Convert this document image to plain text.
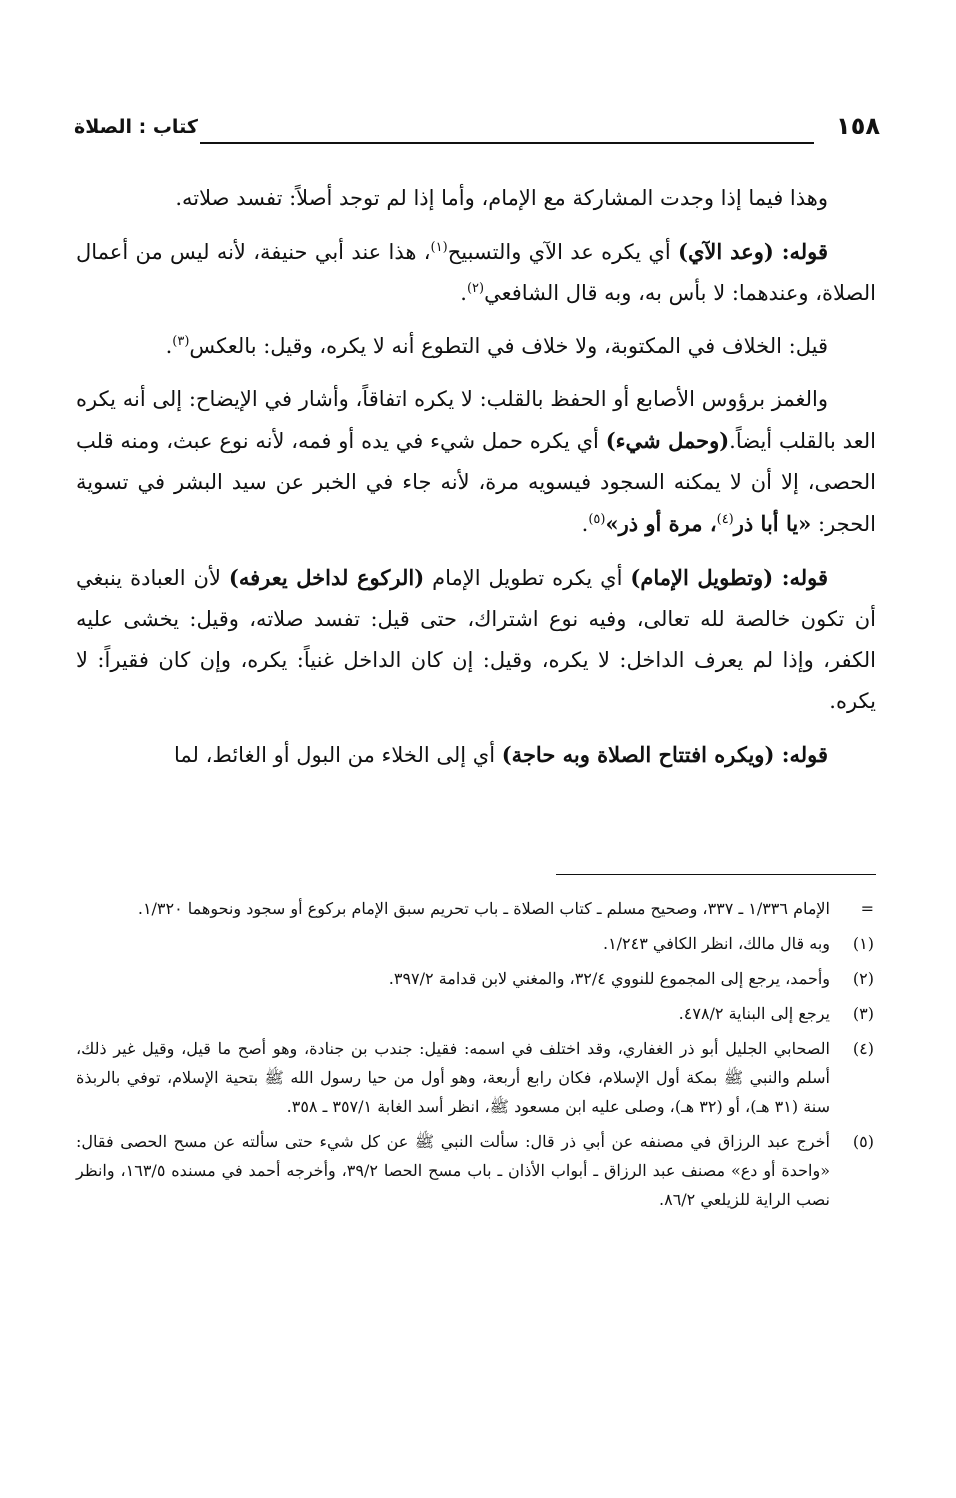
كتاب : الصلاة	١٥٨

وهذا فيما إذا وجدت المشاركة مع الإمام، وأما إذا لم توجد أصلاً: تفسد صلاته.

قوله: (وعد الآي) أي يكره عد الآي والتسبيح$^{(١)}$، هذا عند أبي حنيفة، لأنه ليس من أعمال الصلاة، وعندهما: لا بأس به، وبه قال الشافعي$^{(٢)}$.

قيل: الخلاف في المكتوبة، ولا خلاف في التطوع أنه لا يكره، وقيل: بالعكس$^{(٣)}$.

والغمز برؤوس الأصابع أو الحفظ بالقلب: لا يكره اتفاقاً، وأشار في الإيضاح: إلى أنه يكره العد بالقلب أيضاً.(وحمل شيء) أي يكره حمل شيء في يده أو فمه، لأنه نوع عبث، ومنه قلب الحصى، إلا أن لا يمكنه السجود فيسويه مرة، لأنه جاء في الخبر عن سيد البشر في تسوية الحجر: «يا أبا ذر$^{(٤)}$، مرة أو ذر»$^{(٥)}$.

قوله: (وتطويل الإمام) أي يكره تطويل الإمام (الركوع لداخل يعرفه) لأن العبادة ينبغي أن تكون خالصة لله تعالى، وفيه نوع اشتراك، حتى قيل: تفسد صلاته، وقيل: يخشى عليه الكفر، وإذا لم يعرف الداخل: لا يكره، وقيل: إن كان الداخل غنياً: يكره، وإن كان فقيراً: لا يكره.

قوله: (ويكره افتتاح الصلاة وبه حاجة) أي إلى الخلاء من البول أو الغائط، لما

=
الإمام ١/٣٣٦ ـ ٣٣٧، وصحيح مسلم ـ كتاب الصلاة ـ باب تحريم سبق الإمام بركوع أو سجود ونحوهما ١/٣٢٠.
(١)
وبه قال مالك، انظر الكافي ١/٢٤٣.
(٢)
وأحمد، يرجع إلى المجموع للنووي ٣٢/٤، والمغني لابن قدامة ٣٩٧/٢.
(٣)
يرجع إلى البناية ٤٧٨/٢.
(٤)
الصحابي الجليل أبو ذر الغفاري، وقد اختلف في اسمه: فقيل: جندب بن جنادة، وهو أصح ما قيل، وقيل غير ذلك، أسلم والنبي ﷺ بمكة أول الإسلام، فكان رابع أربعة، وهو أول من حيا رسول الله ﷺ بتحية الإسلام، توفي بالربذة سنة (٣١ هـ)، أو (٣٢ هـ)، وصلى عليه ابن مسعود ﷺ، انظر أسد الغابة ٣٥٧/١ ـ ٣٥٨.
(٥)
أخرج عبد الرزاق في مصنفه عن أبي ذر قال: سألت النبي ﷺ عن كل شيء حتى سألته عن مسح الحصى فقال: «واحدة أو دع» مصنف عبد الرزاق ـ أبواب الأذان ـ باب مسح الحصا ٣٩/٢، وأخرجه أحمد في مسنده ١٦٣/٥، وانظر نصب الراية للزيلعي ٨٦/٢.
